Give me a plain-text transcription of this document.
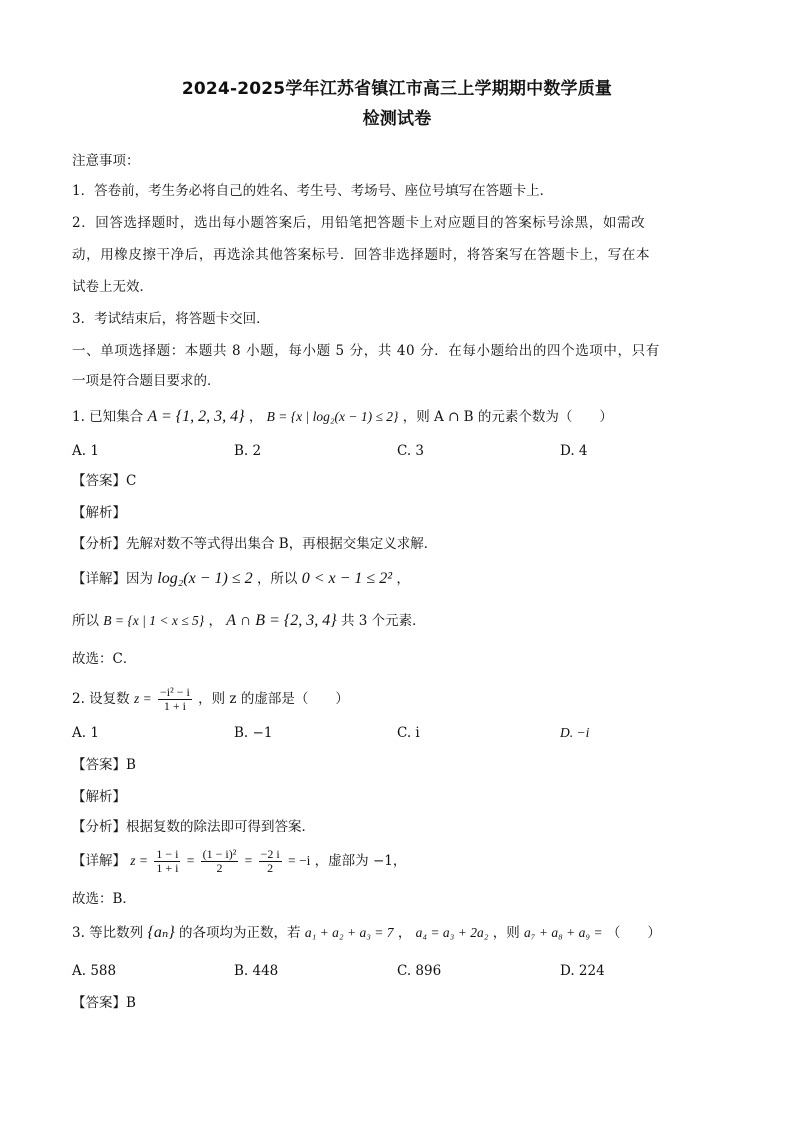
2024-2025学年江苏省镇江市高三上学期期中数学质量
检测试卷
注意事项：
1．答卷前，考生务必将自己的姓名、考生号、考场号、座位号填写在答题卡上．
2．回答选择题时，选出每小题答案后，用铅笔把答题卡上对应题目的答案标号涂黑，如需改
动，用橡皮擦干净后，再选涂其他答案标号．回答非选择题时，将答案写在答题卡上，写在本
试卷上无效．
3．考试结束后，将答题卡交回．
一、单项选择题：本题共 8 小题，每小题 5 分，共 40 分．在每小题给出的四个选项中，只有
一项是符合题目要求的．
1. 已知集合 A = {1, 2, 3, 4} ， B = {x | log₂(x − 1) ≤ 2} ，则 A ∩ B 的元素个数为（　　）
A. 1	B. 2	C. 3	D. 4
【答案】C
【解析】
【分析】先解对数不等式得出集合 B，再根据交集定义求解．
【详解】因为 log₂(x − 1) ≤ 2 ，所以 0 < x − 1 ≤ 2² ，
所以 B = {x | 1 < x ≤ 5} ， A ∩ B = {2, 3, 4} 共 3 个元素．
故选：C．
2. 设复数 $z = \frac{\text{−i² − i}}{1 + i}$ ，则 z 的虚部是（　　）
A. 1	B. −1	C. i	D. −i
【答案】B
【解析】
【分析】根据复数的除法即可得到答案．
【详解】 $z = \frac{1 - i}{1 + i} = \frac{\text{(1 − i)²}}{2} = \frac{-2 i}{2} = -i$ ，虚部为 −1，
故选：B．
3. 等比数列 {aₙ} 的各项均为正数，若 a₁ + a₂ + a₃ = 7 ， a₄ = a₃ + 2a₂ ，则 a₇ + a₈ + a₉ = （　　）
A. 588	B. 448	C. 896	D. 224
【答案】B
